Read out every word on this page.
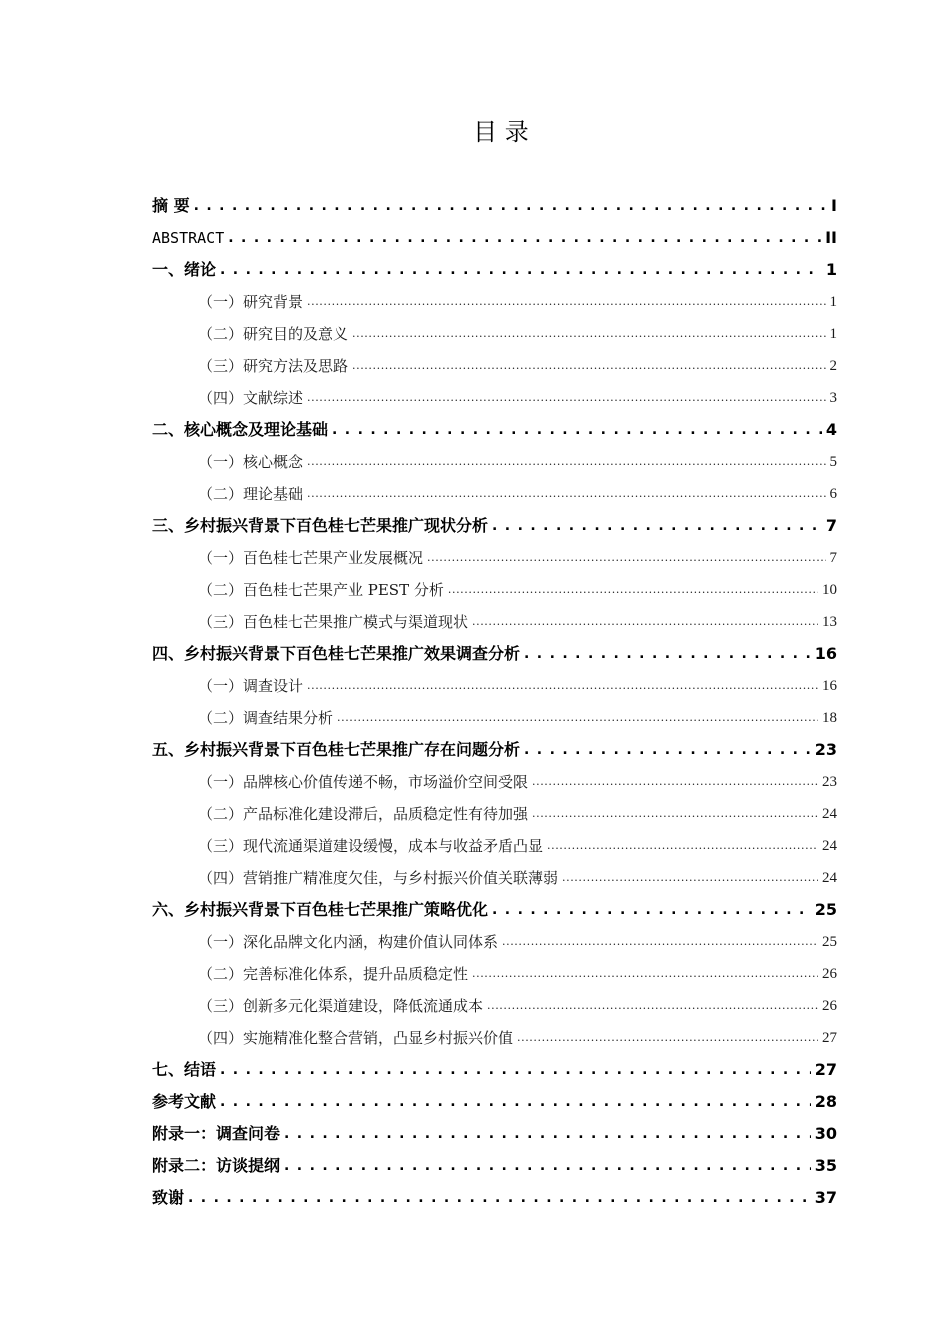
目 录
摘 要 . . .	I
ABSTRACT . . .	II
一、绪论 . . .	1
（一）研究背景 .....	1
（二）研究目的及意义 .....	1
（三）研究方法及思路 .....	2
（四）文献综述 .....	3
二、核心概念及理论基础 . . .	4
（一）核心概念 .....	5
（二）理论基础 .....	6
三、乡村振兴背景下百色桂七芒果推广现状分析 . . .	7
（一）百色桂七芒果产业发展概况 .....	7
（二）百色桂七芒果产业 PEST 分析 .....	10
（三）百色桂七芒果推广模式与渠道现状 .....	13
四、乡村振兴背景下百色桂七芒果推广效果调查分析 . . .	16
（一）调查设计 .....	16
（二）调查结果分析 .....	18
五、乡村振兴背景下百色桂七芒果推广存在问题分析 . . .	23
（一）品牌核心价值传递不畅，市场溢价空间受限 .....	23
（二）产品标准化建设滞后，品质稳定性有待加强 .....	24
（三）现代流通渠道建设缓慢，成本与收益矛盾凸显 .....	24
（四）营销推广精准度欠佳，与乡村振兴价值关联薄弱 .....	24
六、乡村振兴背景下百色桂七芒果推广策略优化 . . .	25
（一）深化品牌文化内涵，构建价值认同体系 .....	25
（二）完善标准化体系，提升品质稳定性 .....	26
（三）创新多元化渠道建设，降低流通成本 .....	26
（四）实施精准化整合营销，凸显乡村振兴价值 .....	27
七、结语 . . .	27
参考文献 . . .	28
附录一：调查问卷 . . .	30
附录二：访谈提纲 . . .	35
致谢 . . .	37
